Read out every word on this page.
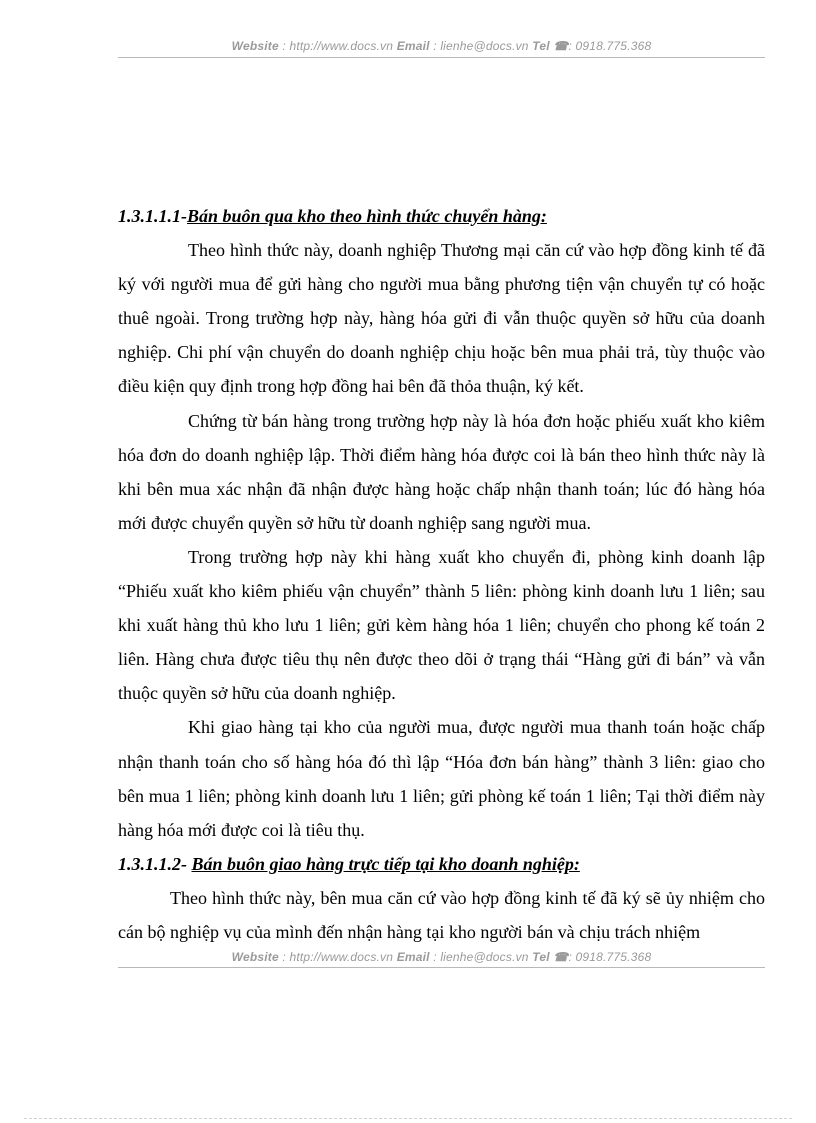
Website : http://www.docs.vn Email : lienhe@docs.vn Tel ☎: 0918.775.368

1.3.1.1.1-Bán buôn qua kho theo hình thức chuyển hàng:

Theo hình thức này, doanh nghiệp Thương mại căn cứ vào hợp đồng kinh tế đã ký với người mua để gửi hàng cho người mua bằng phương tiện vận chuyển tự có hoặc thuê ngoài. Trong trường hợp này, hàng hóa gửi đi vẫn thuộc quyền sở hữu của doanh nghiệp. Chi phí vận chuyển do doanh nghiệp chịu hoặc bên mua phải trả, tùy thuộc vào điều kiện quy định trong hợp đồng hai bên đã thỏa thuận, ký kết.

Chứng từ bán hàng trong trường hợp này là hóa đơn hoặc phiếu xuất kho kiêm hóa đơn do doanh nghiệp lập. Thời điểm hàng hóa được coi là bán theo hình thức này là khi bên mua xác nhận đã nhận được hàng hoặc chấp nhận thanh toán; lúc đó hàng hóa mới được chuyển quyền sở hữu từ doanh nghiệp sang người mua.

Trong trường hợp này khi hàng xuất kho chuyển đi, phòng kinh doanh lập “Phiếu xuất kho kiêm phiếu vận chuyển” thành 5 liên: phòng kinh doanh lưu 1 liên; sau khi xuất hàng thủ kho lưu 1 liên; gửi kèm hàng hóa 1 liên; chuyển cho phong kế toán 2 liên. Hàng chưa được tiêu thụ nên được theo dõi ở trạng thái “Hàng gửi đi bán” và vẫn thuộc quyền sở hữu của doanh nghiệp.

Khi giao hàng tại kho của người mua, được người mua thanh toán hoặc chấp nhận thanh toán cho số hàng hóa đó thì lập “Hóa đơn bán hàng” thành 3 liên: giao cho bên mua 1 liên; phòng kinh doanh lưu 1 liên; gửi phòng kế toán 1 liên; Tại thời điểm này hàng hóa mới được coi là tiêu thụ.

1.3.1.1.2- Bán buôn giao hàng trực tiếp tại kho doanh nghiệp:

Theo hình thức này, bên mua căn cứ vào hợp đồng kinh tế đã ký sẽ ủy nhiệm cho cán bộ nghiệp vụ của mình đến nhận hàng tại kho người bán và chịu trách nhiệm

Website : http://www.docs.vn Email : lienhe@docs.vn Tel ☎: 0918.775.368
